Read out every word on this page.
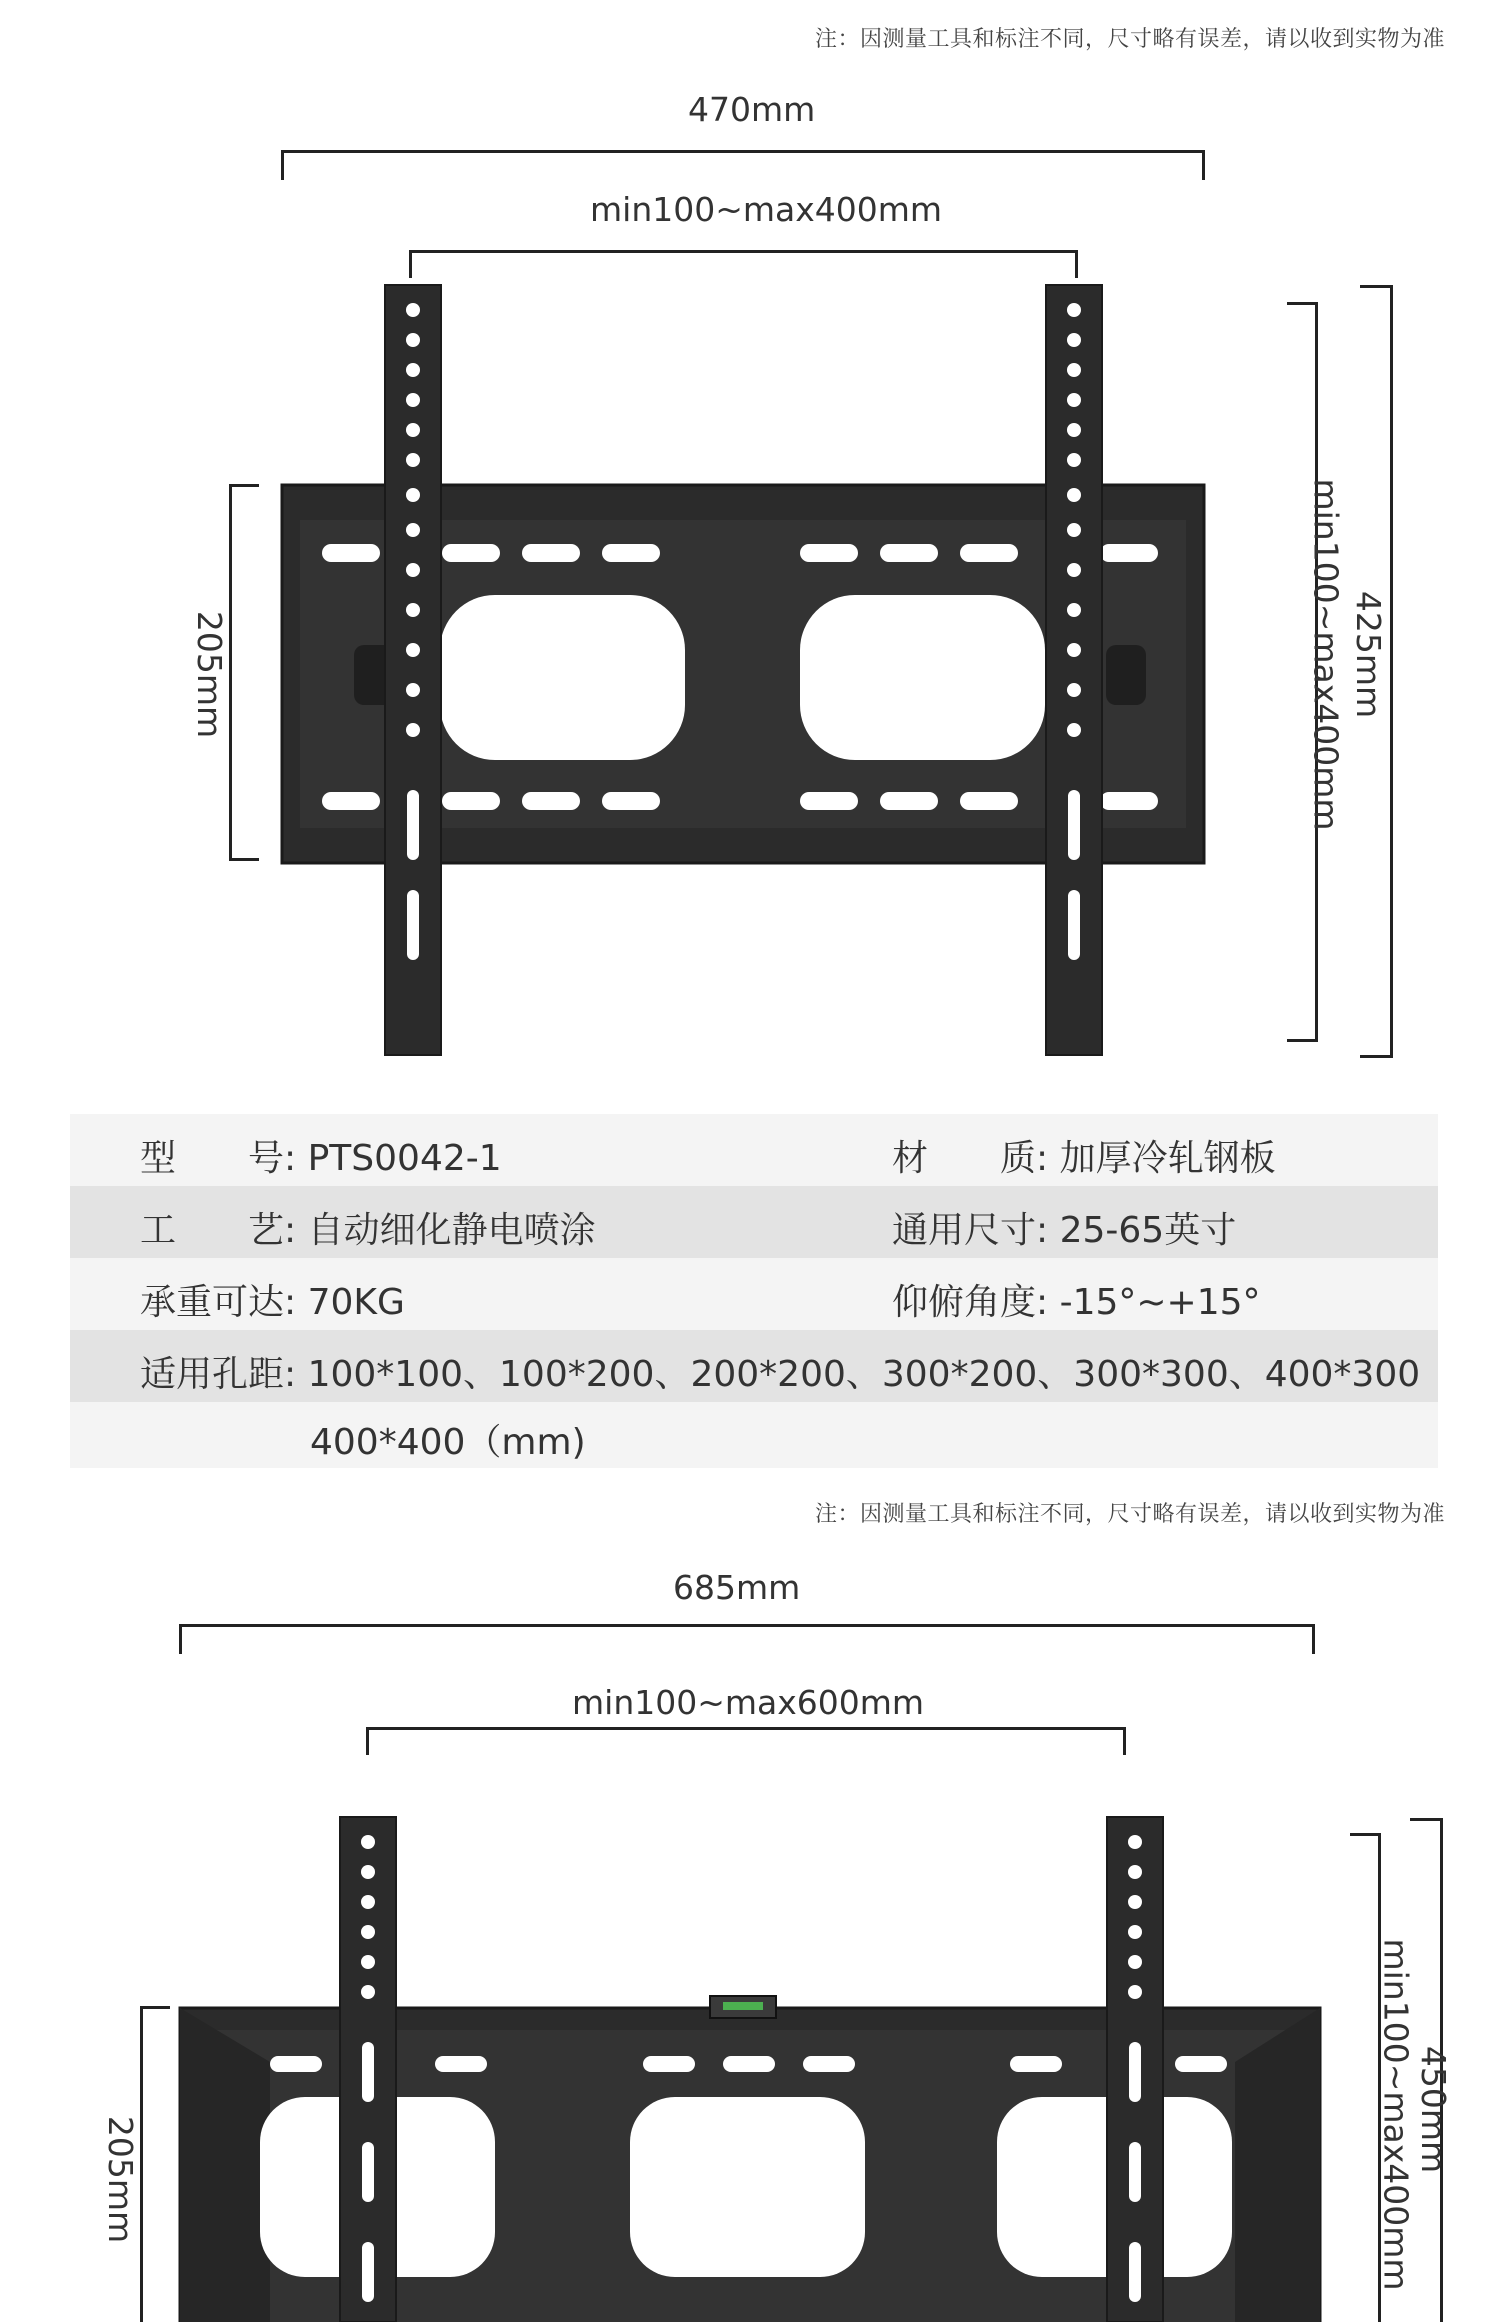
注：因测量工具和标注不同，尺寸略有误差，请以收到实物为准
470mm
min100~max400mm
205mm	min100~max400mm 425mm
型　　号: PTS0042-1	材　　质: 加厚冷轧钢板
工　　艺: 自动细化静电喷涂	通用尺寸: 25-65英寸
承重可达: 70KG	仰俯角度: -15°~+15°
适用孔距: 100*100、100*200、200*200、300*200、300*300、400*300
400*400（mm)
注：因测量工具和标注不同，尺寸略有误差，请以收到实物为准
685mm
min100~max600mm
205mm	min100~max400mm
450mm
